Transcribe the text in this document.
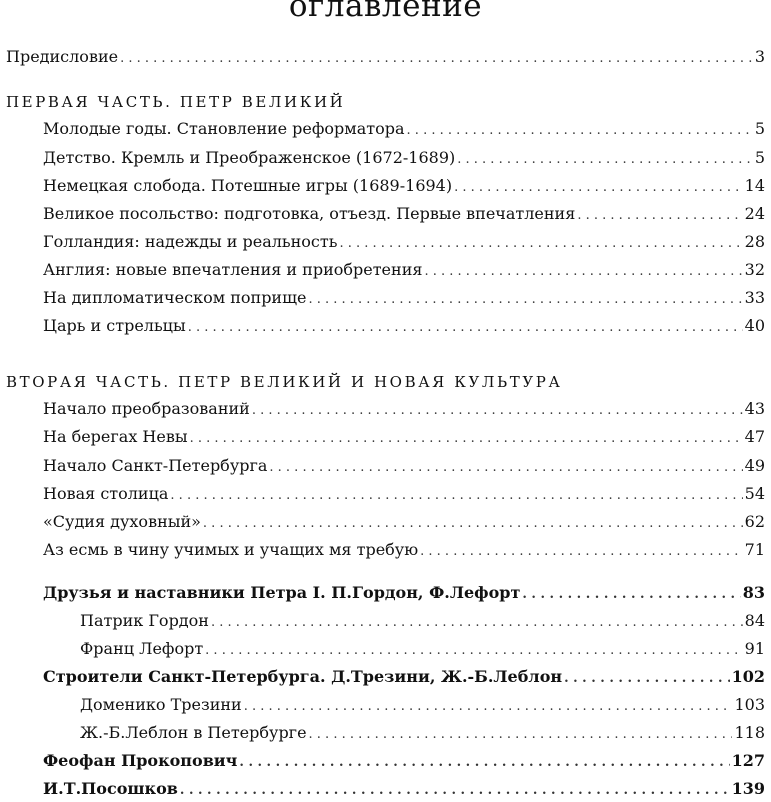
оглавление
Предисловие . . .	3
ПЕРВАЯ ЧАСТЬ. ПЕТР ВЕЛИКИЙ
Молодые годы. Становление реформатора . . .	5
Детство. Кремль и Преображенское (1672-1689) . . .	5
Немецкая слобода. Потешные игры (1689-1694) . . .	14
Великое посольство: подготовка, отъезд. Первые впечатления . . .	24
Голландия: надежды и реальность . . .	28
Англия: новые впечатления и приобретения . . .	32
На дипломатическом поприще . . .	33
Царь и стрельцы . . .	40
ВТОРАЯ ЧАСТЬ. ПЕТР ВЕЛИКИЙ И НОВАЯ КУЛЬТУРА
Начало преобразований . . .	43
На берегах Невы . . .	47
Начало Санкт-Петербурга . . .	49
Новая столица . . .	54
«Судия духовный» . . .	62
Аз есмь в чину учимых и учащих мя требую . . .	71
Друзья и наставники Петра I. П.Гордон, Ф.Лефорт . . .	83
Патрик Гордон . . .	84
Франц Лефорт . . .	91
Строители Санкт-Петербурга. Д.Трезини, Ж.-Б.Леблон . . .	102
Доменико Трезини . . .	103
Ж.-Б.Леблон в Петербурге . . .	118
Феофан Прокопович . . .	127
И.Т.Посошков . . .	139
